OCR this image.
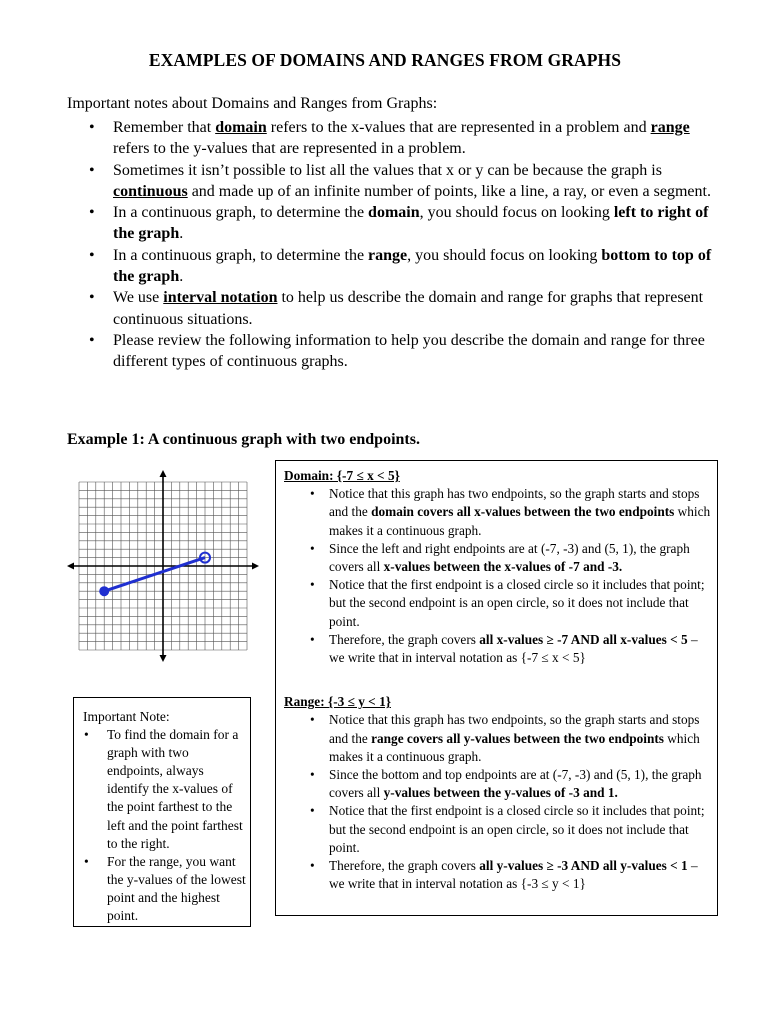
EXAMPLES OF DOMAINS AND RANGES FROM GRAPHS
Important notes about Domains and Ranges from Graphs:
• Remember that domain refers to the x-values that are represented in a problem and range refers to the y-values that are represented in a problem.
• Sometimes it isn’t possible to list all the values that x or y can be because the graph is continuous and made up of an infinite number of points, like a line, a ray, or even a segment.
• In a continuous graph, to determine the domain, you should focus on looking left to right of the graph.
• In a continuous graph, to determine the range, you should focus on looking bottom to top of the graph.
• We use interval notation to help us describe the domain and range for graphs that represent continuous situations.
• Please review the following information to help you describe the domain and range for three different types of continuous graphs.
Example 1: A continuous graph with two endpoints.
Important Note:
• To find the domain for a graph with two endpoints, always identify the x-values of the point farthest to the left and the point farthest to the right.
• For the range, you want the y-values of the lowest point and the highest point.
Domain: {-7 ≤ x < 5}
• Notice that this graph has two endpoints, so the graph starts and stops and the domain covers all x-values between the two endpoints which makes it a continuous graph.
• Since the left and right endpoints are at (-7, -3) and (5, 1), the graph covers all x-values between the x-values of -7 and -3.
• Notice that the first endpoint is a closed circle so it includes that point; but the second endpoint is an open circle, so it does not include that point.
• Therefore, the graph covers all x-values ≥ -7 AND all x-values < 5 – we write that in interval notation as {-7 ≤ x < 5}
Range: {-3 ≤ y < 1}
• Notice that this graph has two endpoints, so the graph starts and stops and the range covers all y-values between the two endpoints which makes it a continuous graph.
• Since the bottom and top endpoints are at (-7, -3) and (5, 1), the graph covers all y-values between the y-values of -3 and 1.
• Notice that the first endpoint is a closed circle so it includes that point; but the second endpoint is an open circle, so it does not include that point.
• Therefore, the graph covers all y-values ≥ -3 AND all y-values < 1 – we write that in interval notation as {-3 ≤ y < 1}
